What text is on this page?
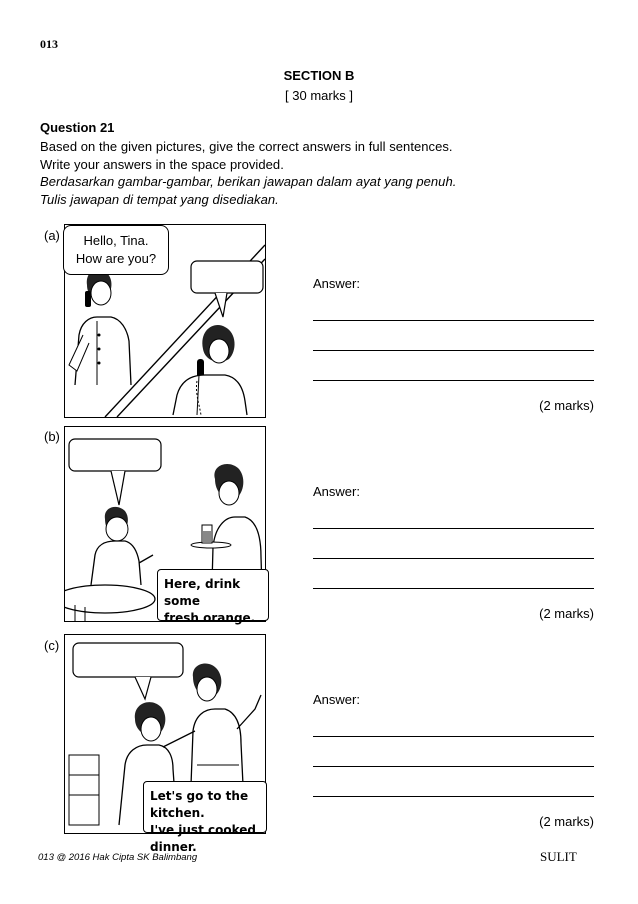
013
SECTION B
[ 30 marks ]
Question 21
Based on the given pictures, give the correct answers in full sentences.
Write your answers in the space provided.
Berdasarkan gambar-gambar, berikan jawapan dalam ayat yang penuh.
Tulis jawapan di tempat yang disediakan.
(a)	Hello, Tina.
How are you?
Answer:
(2 marks)
(b)
Here, drink some
fresh orange.
Answer:
(2 marks)
(c)
Let's go to the kitchen.
I've just cooked dinner.
Answer:
(2 marks)
013 @ 2016 Hak Cipta SK Balimbang	SULIT
